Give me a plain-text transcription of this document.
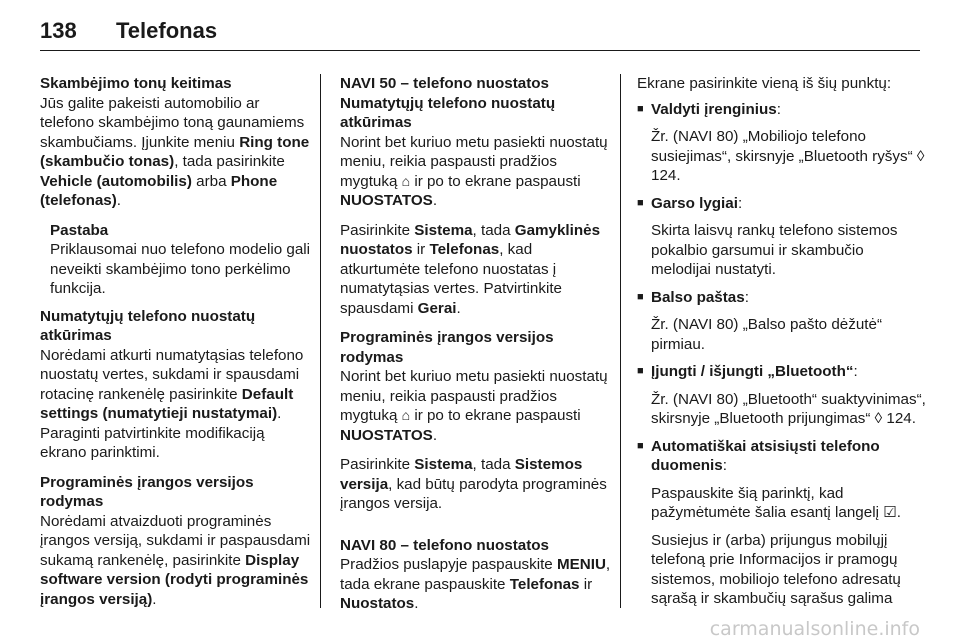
138 Telefonas

Skambėjimo tonų keitimas
Jūs galite pakeisti automobilio ar telefono skambėjimo toną gaunamiems skambučiams. Įjunkite meniu Ring tone (skambučio tonas), tada pasirinkite Vehicle (automobilis) arba Phone (telefonas).

Pastaba
Priklausomai nuo telefono modelio gali neveikti skambėjimo tono perkėlimo funkcija.

Numatytųjų telefono nuostatų atkūrimas
Norėdami atkurti numatytąsias telefono nuostatų vertes, sukdami ir spausdami rotacinę rankenėlę pasirinkite Default settings (numatytieji nustatymai). Paraginti patvirtinkite modifikaciją ekrano parinktimi.

Programinės įrangos versijos rodymas
Norėdami atvaizduoti programinės įrangos versiją, sukdami ir paspausdami sukamą rankenėlę, pasirinkite Display software version (rodyti programinės įrangos versiją).

NAVI 50 – telefono nuostatos

Numatytųjų telefono nuostatų atkūrimas
Norint bet kuriuo metu pasiekti nuostatų meniu, reikia paspausti pradžios mygtuką ⌂ ir po to ekrane paspausti NUOSTATOS.

Pasirinkite Sistema, tada Gamyklinės nuostatos ir Telefonas, kad atkurtumėte telefono nuostatas į numatytąsias vertes. Patvirtinkite spausdami Gerai.

Programinės įrangos versijos rodymas
Norint bet kuriuo metu pasiekti nuostatų meniu, reikia paspausti pradžios mygtuką ⌂ ir po to ekrane paspausti NUOSTATOS.

Pasirinkite Sistema, tada Sistemos versija, kad būtų parodyta programinės įrangos versija.

NAVI 80 – telefono nuostatos

Pradžios puslapyje paspauskite MENIU, tada ekrane paspauskite Telefonas ir Nuostatos.

Ekrane pasirinkite vieną iš šių punktų:

■ Valdyti įrenginius:
Žr. (NAVI 80) „Mobiliojo telefono susiejimas“, skirsnyje „Bluetooth ryšys“ ◊ 124.
■ Garso lygiai:
Skirta laisvų rankų telefono sistemos pokalbio garsumui ir skambučio melodijai nustatyti.
■ Balso paštas:
Žr. (NAVI 80) „Balso pašto dėžutė“ pirmiau.
■ Įjungti / išjungti „Bluetooth“:
Žr. (NAVI 80) „Bluetooth“ suaktyvinimas“, skirsnyje „Bluetooth prijungimas“ ◊ 124.
■ Automatiškai atsisiųsti telefono duomenis:
Paspauskite šią parinktį, kad pažymėtumėte šalia esantį langelį ☑.
Susiejus ir (arba) prijungus mobilųjį telefoną prie Informacijos ir pramogų sistemos, mobiliojo telefono adresatų sąrašą ir skambučių sąrašus galima
carmanualsonline.info
